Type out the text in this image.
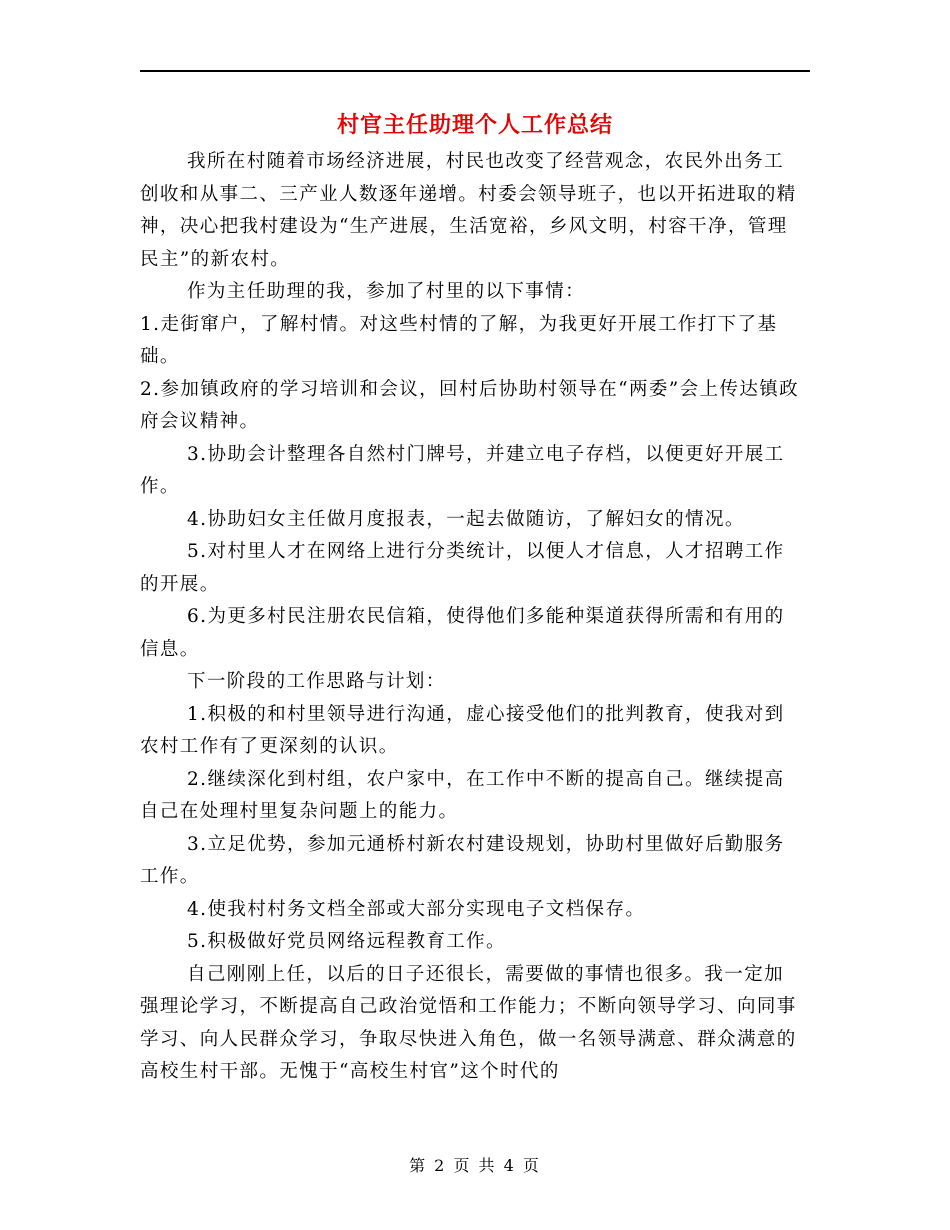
村官主任助理个人工作总结

我所在村随着市场经济进展，村民也改变了经营观念，农民外出务工创收和从事二、三产业人数逐年递增。村委会领导班子，也以开拓进取的精神，决心把我村建设为“生产进展，生活宽裕，乡风文明，村容干净，管理民主”的新农村。

作为主任助理的我，参加了村里的以下事情：

1.走街窜户，了解村情。对这些村情的了解，为我更好开展工作打下了基础。

2.参加镇政府的学习培训和会议，回村后协助村领导在“两委”会上传达镇政府会议精神。

3.协助会计整理各自然村门牌号，并建立电子存档，以便更好开展工作。

4.协助妇女主任做月度报表，一起去做随访，了解妇女的情况。

5.对村里人才在网络上进行分类统计，以便人才信息，人才招聘工作的开展。

6.为更多村民注册农民信箱，使得他们多能种渠道获得所需和有用的信息。

下一阶段的工作思路与计划：

1.积极的和村里领导进行沟通，虚心接受他们的批判教育，使我对到农村工作有了更深刻的认识。

2.继续深化到村组，农户家中，在工作中不断的提高自己。继续提高自己在处理村里复杂问题上的能力。

3.立足优势，参加元通桥村新农村建设规划，协助村里做好后勤服务工作。

4.使我村村务文档全部或大部分实现电子文档保存。

5.积极做好党员网络远程教育工作。

自己刚刚上任，以后的日子还很长，需要做的事情也很多。我一定加强理论学习，不断提高自己政治觉悟和工作能力；不断向领导学习、向同事学习、向人民群众学习，争取尽快进入角色，做一名领导满意、群众满意的高校生村干部。无愧于“高校生村官”这个时代的

第 2 页 共 4 页
